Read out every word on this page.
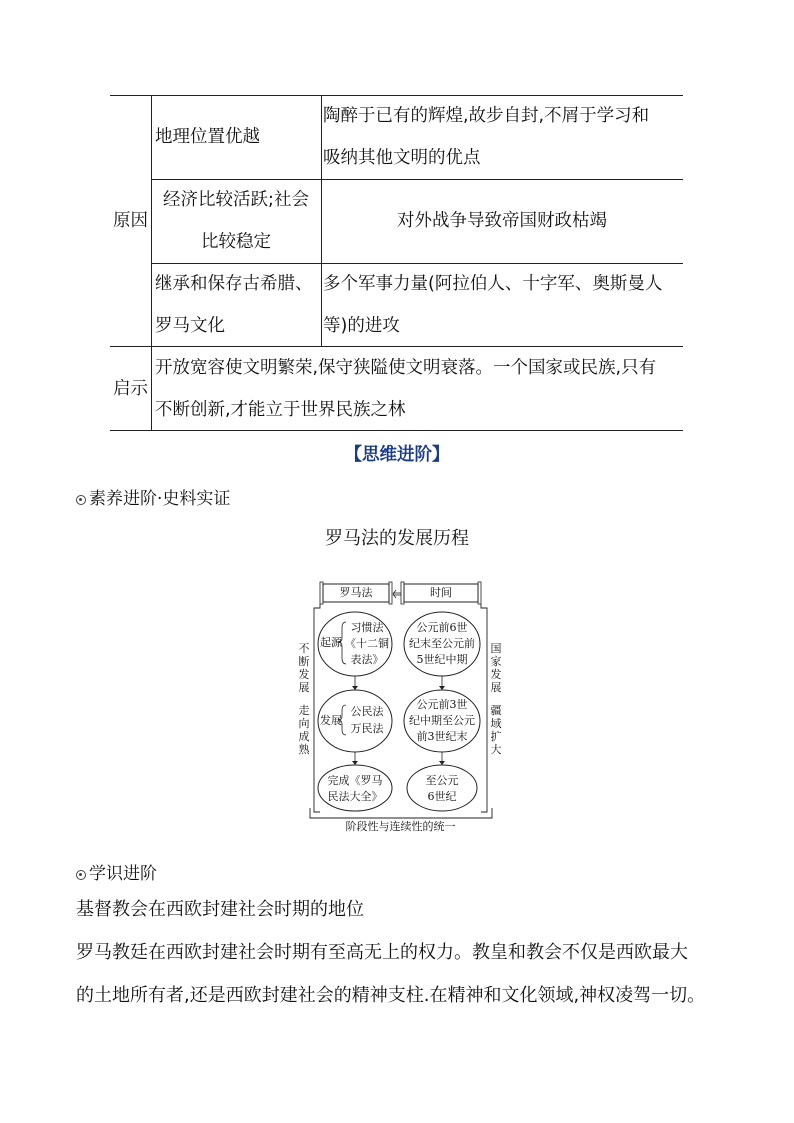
原因
地理位置优越
陶醉于已有的辉煌,故步自封,不屑于学习和
吸纳其他文明的优点
经济比较活跃;社会
比较稳定
对外战争导致帝国财政枯竭
继承和保存古希腊、
罗马文化
多个军事力量(阿拉伯人、十字军、奥斯曼人
等)的进攻
启示
开放宽容使文明繁荣,保守狭隘使文明衰落。一个国家或民族,只有
不断创新,才能立于世界民族之林
【思维进阶】
素养进阶·史料实证
罗马法的发展历程
罗马法	时间
起源
习惯法
《十二铜
表法》
公元前6世
纪末至公元前
5世纪中期
发展
公民法
万民法
公元前3世
纪中期至公元
前3世纪末
完成《罗马
民法大全》
至公元
6世纪
不断发展
走向成熟
国家发展
疆域扩大
阶段性与连续性的统一
学识进阶
基督教会在西欧封建社会时期的地位
罗马教廷在西欧封建社会时期有至高无上的权力。教皇和教会不仅是西欧最大
的土地所有者,还是西欧封建社会的精神支柱.在精神和文化领域,神权凌驾一切。
